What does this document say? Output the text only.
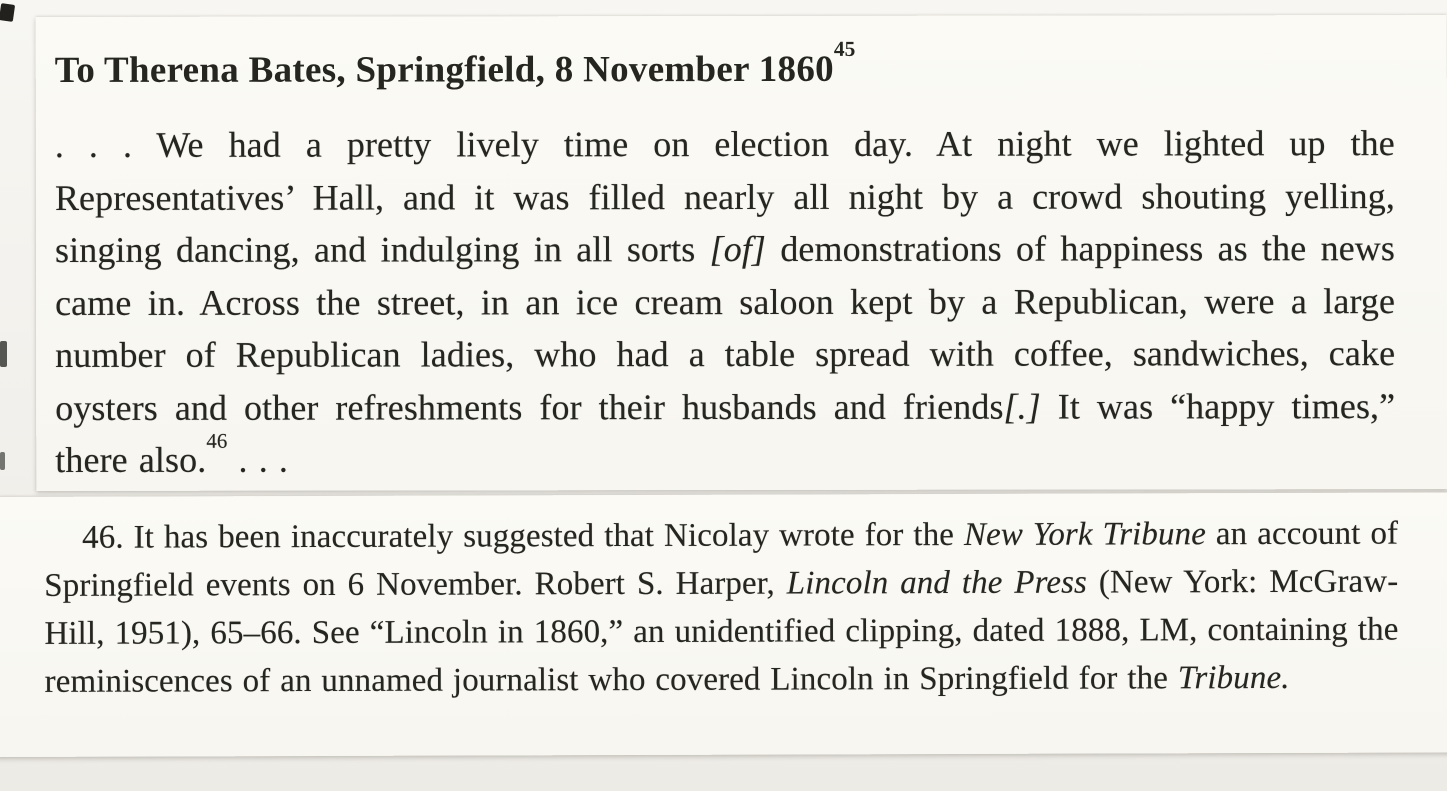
To Therena Bates, Springfield, 8 November 1860$^{45}$

. . . We had a pretty lively time on election day. At night we lighted up the Representatives’ Hall, and it was filled nearly all night by a crowd shouting yelling, singing dancing, and indulging in all sorts [of] demonstrations of happiness as the news came in. Across the street, in an ice cream saloon kept by a Republican, were a large number of Republican ladies, who had a table spread with coffee, sandwiches, cake oysters and other refreshments for their husbands and friends[.] It was “happy times,” there also.$^{46}$ . . .

46. It has been inaccurately suggested that Nicolay wrote for the New York Tribune an account of Springfield events on 6 November. Robert S. Harper, Lincoln and the Press (New York: McGraw-Hill, 1951), 65–66. See “Lincoln in 1860,” an unidentified clipping, dated 1888, LM, containing the reminiscences of an unnamed journalist who covered Lincoln in Springfield for the Tribune.
